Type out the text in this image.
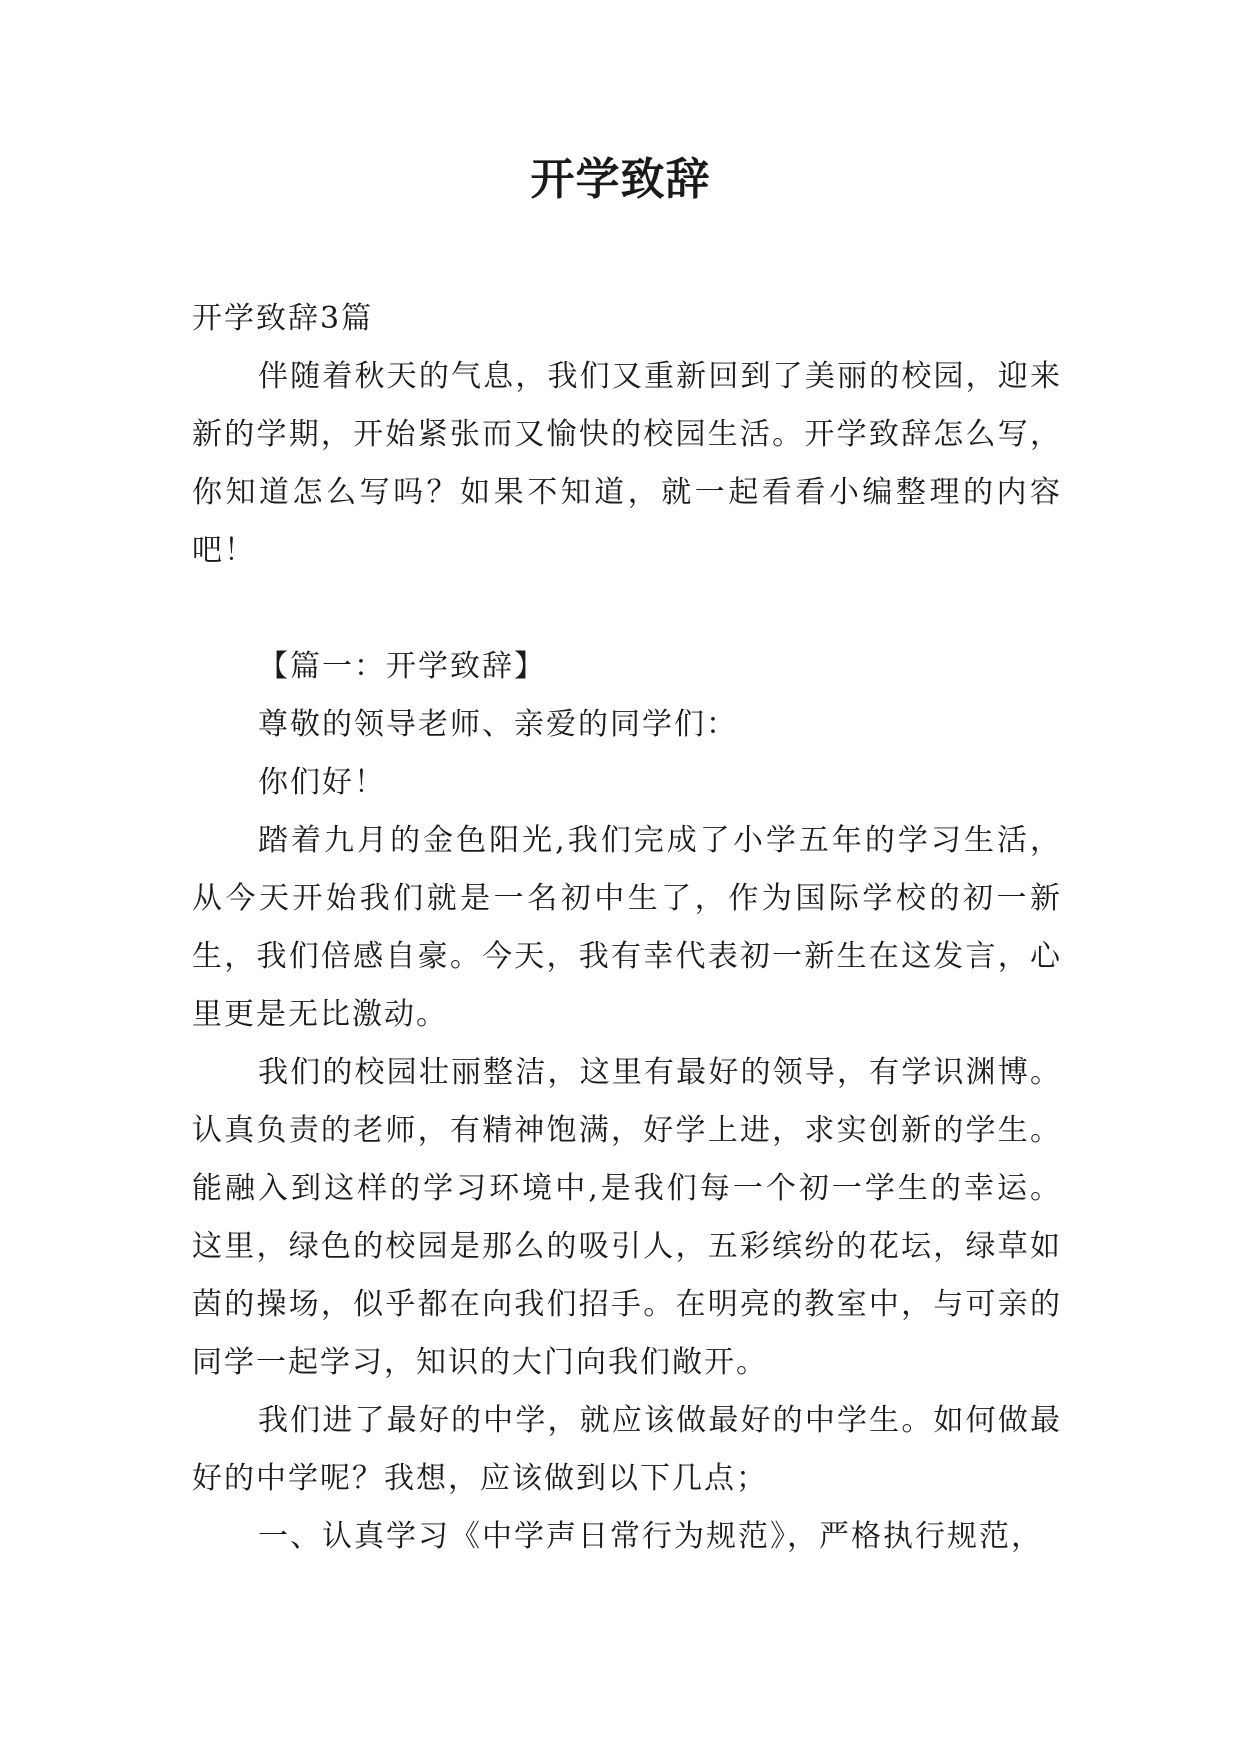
开学致辞

开学致辞3篇

伴随着秋天的气息，我们又重新回到了美丽的校园，迎来新的学期，开始紧张而又愉快的校园生活。开学致辞怎么写，你知道怎么写吗？如果不知道，就一起看看小编整理的内容吧！

【篇一：开学致辞】

尊敬的领导老师、亲爱的同学们：

你们好！

踏着九月的金色阳光,我们完成了小学五年的学习生活，从今天开始我们就是一名初中生了，作为国际学校的初一新生，我们倍感自豪。今天，我有幸代表初一新生在这发言，心里更是无比激动。

我们的校园壮丽整洁，这里有最好的领导，有学识渊博。认真负责的老师，有精神饱满，好学上进，求实创新的学生。能融入到这样的学习环境中,是我们每一个初一学生的幸运。这里，绿色的校园是那么的吸引人，五彩缤纷的花坛，绿草如茵的操场，似乎都在向我们招手。在明亮的教室中，与可亲的同学一起学习，知识的大门向我们敞开。

我们进了最好的中学，就应该做最好的中学生。如何做最好的中学呢？我想，应该做到以下几点；

一、认真学习《中学声日常行为规范》，严格执行规范，
